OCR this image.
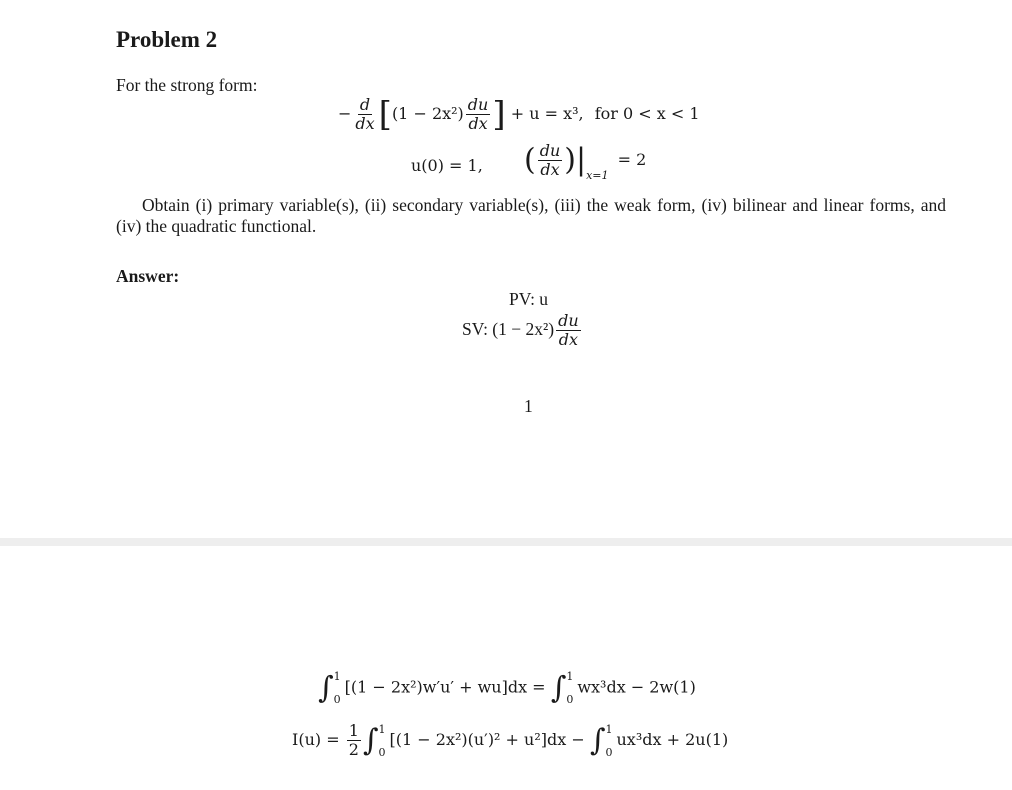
Problem 2
For the strong form:
− $\frac{d}{dx} [(1 - 2x^2) \frac{du}{dx}$ ] + u = x³, for 0 < x < 1
u(0) = 1, ( $\frac{du}{dx} )|_{x=1} = 2$
Obtain (i) primary variable(s), (ii) secondary variable(s), (iii) the weak form, (iv) bilinear and linear forms, and (iv) the quadratic functional.
Answer:
PV: u
SV: $(1 - 2x^2) \frac{du}{dx}$
1
∫ 1
0
[(1 − 2x²)w′u′ + wu]dx = ∫ 1
0
wx³dx − 2w(1)
$I(u) = \frac{1}{2}$ ∫ 1
0
[(1 − 2x²)(u′)² + u²]dx − ∫ 1
0
ux³dx + 2u(1)
